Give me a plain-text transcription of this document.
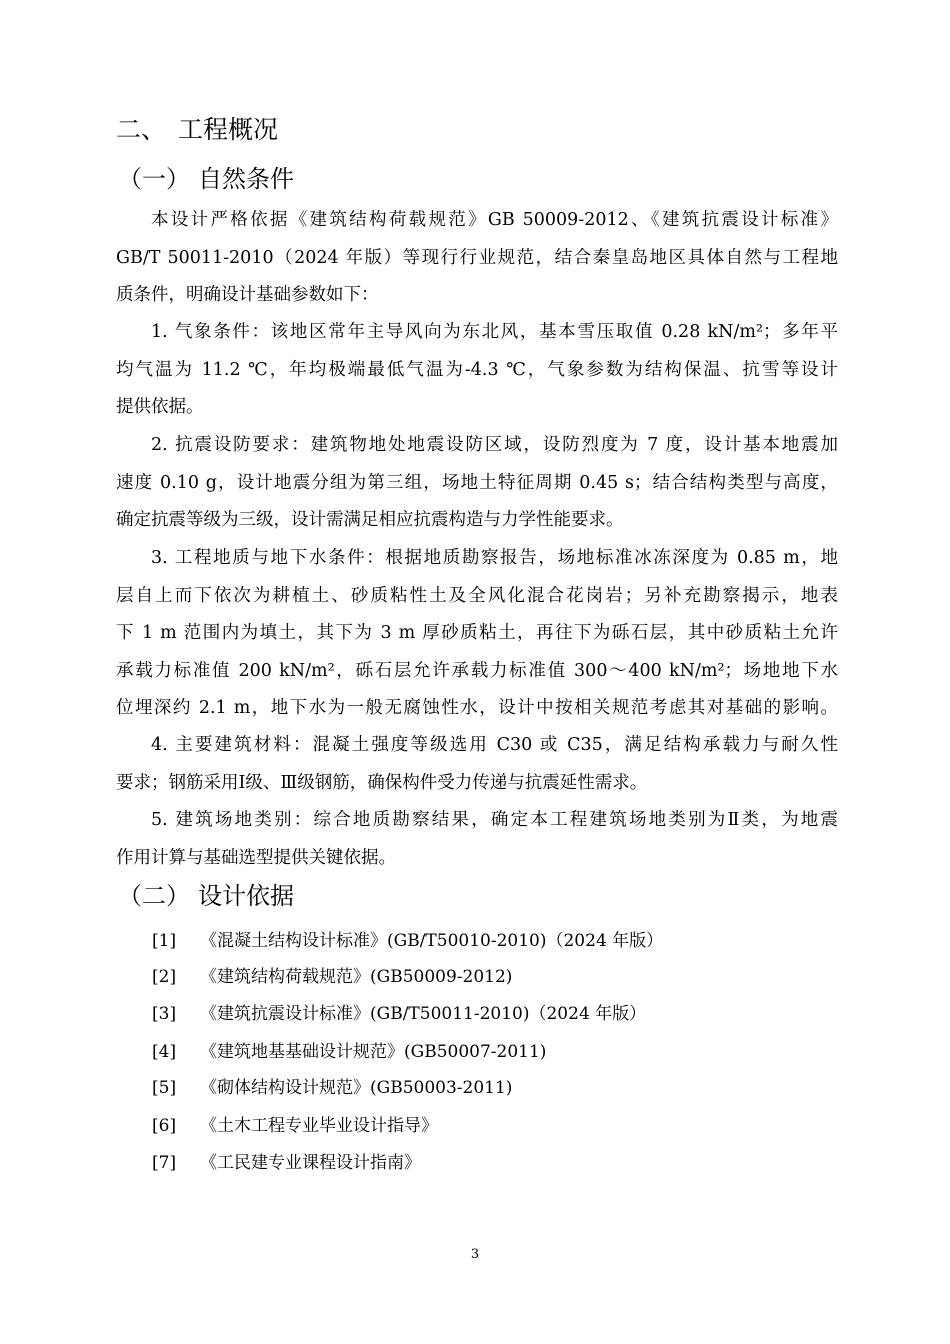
二、 工程概况
（一） 自然条件
本设计严格依据《建筑结构荷载规范》GB 50009-2012、《建筑抗震设计标准》
GB/T 50011-2010（2024 年版）等现行行业规范，结合秦皇岛地区具体自然与工程地
质条件，明确设计基础参数如下：
1. 气象条件：该地区常年主导风向为东北风，基本雪压取值 0.28 kN/m²；多年平
均气温为 11.2 ℃，年均极端最低气温为-4.3 ℃，气象参数为结构保温、抗雪等设计
提供依据。
2. 抗震设防要求：建筑物地处地震设防区域，设防烈度为 7 度，设计基本地震加
速度 0.10 g，设计地震分组为第三组，场地土特征周期 0.45 s；结合结构类型与高度，
确定抗震等级为三级，设计需满足相应抗震构造与力学性能要求。
3. 工程地质与地下水条件：根据地质勘察报告，场地标准冰冻深度为 0.85 m，地
层自上而下依次为耕植土、砂质粘性土及全风化混合花岗岩；另补充勘察揭示，地表
下 1 m 范围内为填土，其下为 3 m 厚砂质粘土，再往下为砾石层，其中砂质粘土允许
承载力标准值 200 kN/m²，砾石层允许承载力标准值 300～400 kN/m²；场地地下水
位埋深约 2.1 m，地下水为一般无腐蚀性水，设计中按相关规范考虑其对基础的影响。
4. 主要建筑材料：混凝土强度等级选用 C30 或 C35，满足结构承载力与耐久性
要求；钢筋采用Ⅰ级、Ⅲ级钢筋，确保构件受力传递与抗震延性需求。
5. 建筑场地类别：综合地质勘察结果，确定本工程建筑场地类别为Ⅱ类，为地震
作用计算与基础选型提供关键依据。
（二） 设计依据
[1] 《混凝土结构设计标准》(GB/T50010-2010)（2024 年版）
[2] 《建筑结构荷载规范》(GB50009-2012)
[3] 《建筑抗震设计标准》(GB/T50011-2010)（2024 年版）
[4] 《建筑地基基础设计规范》(GB50007-2011)
[5] 《砌体结构设计规范》(GB50003-2011)
[6] 《土木工程专业毕业设计指导》
[7] 《工民建专业课程设计指南》
3
